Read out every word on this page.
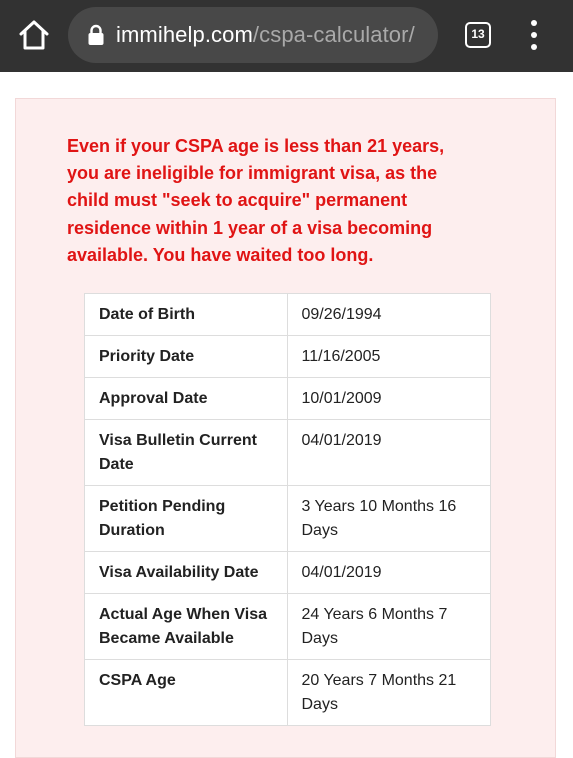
immihelp.com/cspa-calculator/	13

Even if your CSPA age is less than 21 years, you are ineligible for immigrant visa, as the child must "seek to acquire" permanent residence within 1 year of a visa becoming available. You have waited too long.

Date of Birth	09/26/1994
Priority Date	11/16/2005
Approval Date	10/01/2009
Visa Bulletin Current Date	04/01/2019
Petition Pending Duration	3 Years 10 Months 16 Days
Visa Availability Date	04/01/2019
Actual Age When Visa Became Available	24 Years 6 Months 7 Days
CSPA Age	20 Years 7 Months 21 Days
